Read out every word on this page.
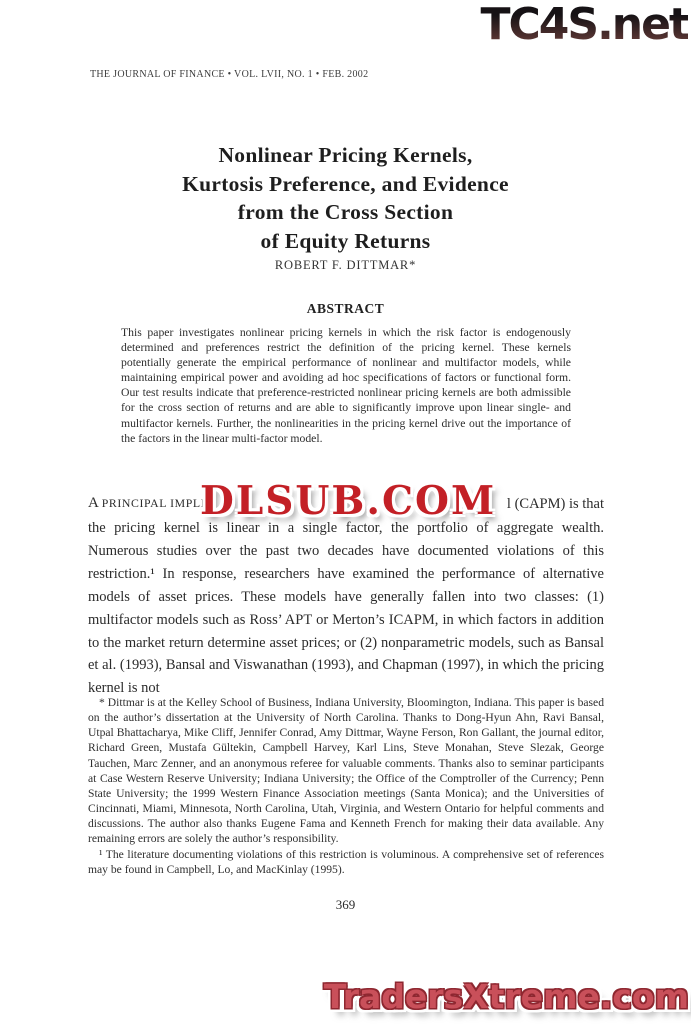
TC4S.net
THE JOURNAL OF FINANCE • VOL. LVII, NO. 1 • FEB. 2002
Nonlinear Pricing Kernels,
Kurtosis Preference, and Evidence
from the Cross Section
of Equity Returns
ROBERT F. DITTMAR*
ABSTRACT

This paper investigates nonlinear pricing kernels in which the risk factor is endogenously determined and preferences restrict the definition of the pricing kernel. These kernels potentially generate the empirical performance of nonlinear and multifactor models, while maintaining empirical power and avoiding ad hoc specifications of factors or functional form. Our test results indicate that preference-restricted nonlinear pricing kernels are both admissible for the cross section of returns and are able to significantly improve upon linear single- and multifactor kernels. Further, the nonlinearities in the pricing kernel drive out the importance of the factors in the linear multi-factor model.

A PRINCIPAL IMPLIC	l (CAPM) is that
DLSUB.COM

the pricing kernel is linear in a single factor, the portfolio of aggregate wealth. Numerous studies over the past two decades have documented violations of this restriction.¹ In response, researchers have examined the performance of alternative models of asset prices. These models have generally fallen into two classes: (1) multifactor models such as Ross’ APT or Merton’s ICAPM, in which factors in addition to the market return determine asset prices; or (2) nonparametric models, such as Bansal et al. (1993), Bansal and Viswanathan (1993), and Chapman (1997), in which the pricing kernel is not

* Dittmar is at the Kelley School of Business, Indiana University, Bloomington, Indiana. This paper is based on the author’s dissertation at the University of North Carolina. Thanks to Dong-Hyun Ahn, Ravi Bansal, Utpal Bhattacharya, Mike Cliff, Jennifer Conrad, Amy Dittmar, Wayne Ferson, Ron Gallant, the journal editor, Richard Green, Mustafa Gültekin, Campbell Harvey, Karl Lins, Steve Monahan, Steve Slezak, George Tauchen, Marc Zenner, and an anonymous referee for valuable comments. Thanks also to seminar participants at Case Western Reserve University; Indiana University; the Office of the Comptroller of the Currency; Penn State University; the 1999 Western Finance Association meetings (Santa Monica); and the Universities of Cincinnati, Miami, Minnesota, North Carolina, Utah, Virginia, and Western Ontario for helpful comments and discussions. The author also thanks Eugene Fama and Kenneth French for making their data available. Any remaining errors are solely the author’s responsibility.

¹ The literature documenting violations of this restriction is voluminous. A comprehensive set of references may be found in Campbell, Lo, and MacKinlay (1995).

369
TradersXtreme.com
